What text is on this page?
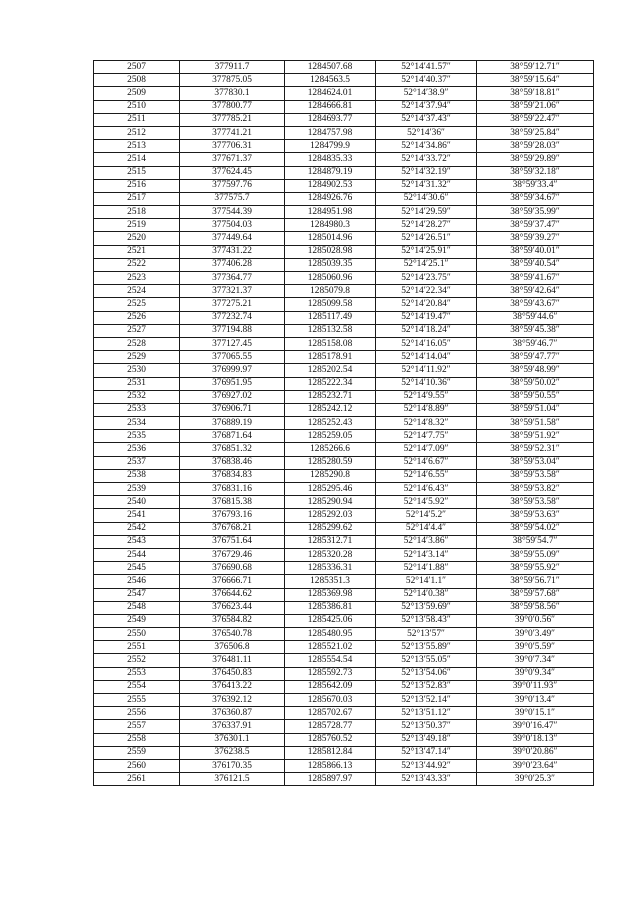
2507	377911.7	1284507.68	52°14′41.57″	38°59′12.71″
2508	377875.05	1284563.5	52°14′40.37″	38°59′15.64″
2509	377830.1	1284624.01	52°14′38.9″	38°59′18.81″
2510	377800.77	1284666.81	52°14′37.94″	38°59′21.06″
2511	377785.21	1284693.77	52°14′37.43″	38°59′22.47″
2512	377741.21	1284757.98	52°14′36″	38°59′25.84″
2513	377706.31	1284799.9	52°14′34.86″	38°59′28.03″
2514	377671.37	1284835.33	52°14′33.72″	38°59′29.89″
2515	377624.45	1284879.19	52°14′32.19″	38°59′32.18″
2516	377597.76	1284902.53	52°14′31.32″	38°59′33.4″
2517	377575.7	1284926.76	52°14′30.6″	38°59′34.67″
2518	377544.39	1284951.98	52°14′29.59″	38°59′35.99″
2519	377504.03	1284980.3	52°14′28.27″	38°59′37.47″
2520	377449.64	1285014.96	52°14′26.51″	38°59′39.27″
2521	377431.22	1285028.98	52°14′25.91″	38°59′40.01″
2522	377406.28	1285039.35	52°14′25.1″	38°59′40.54″
2523	377364.77	1285060.96	52°14′23.75″	38°59′41.67″
2524	377321.37	1285079.8	52°14′22.34″	38°59′42.64″
2525	377275.21	1285099.58	52°14′20.84″	38°59′43.67″
2526	377232.74	1285117.49	52°14′19.47″	38°59′44.6″
2527	377194.88	1285132.58	52°14′18.24″	38°59′45.38″
2528	377127.45	1285158.08	52°14′16.05″	38°59′46.7″
2529	377065.55	1285178.91	52°14′14.04″	38°59′47.77″
2530	376999.97	1285202.54	52°14′11.92″	38°59′48.99″
2531	376951.95	1285222.34	52°14′10.36″	38°59′50.02″
2532	376927.02	1285232.71	52°14′9.55″	38°59′50.55″
2533	376906.71	1285242.12	52°14′8.89″	38°59′51.04″
2534	376889.19	1285252.43	52°14′8.32″	38°59′51.58″
2535	376871.64	1285259.05	52°14′7.75″	38°59′51.92″
2536	376851.32	1285266.6	52°14′7.09″	38°59′52.31″
2537	376838.46	1285280.59	52°14′6.67″	38°59′53.04″
2538	376834.83	1285290.8	52°14′6.55″	38°59′53.58″
2539	376831.16	1285295.46	52°14′6.43″	38°59′53.82″
2540	376815.38	1285290.94	52°14′5.92″	38°59′53.58″
2541	376793.16	1285292.03	52°14′5.2″	38°59′53.63″
2542	376768.21	1285299.62	52°14′4.4″	38°59′54.02″
2543	376751.64	1285312.71	52°14′3.86″	38°59′54.7″
2544	376729.46	1285320.28	52°14′3.14″	38°59′55.09″
2545	376690.68	1285336.31	52°14′1.88″	38°59′55.92″
2546	376666.71	1285351.3	52°14′1.1″	38°59′56.71″
2547	376644.62	1285369.98	52°14′0.38″	38°59′57.68″
2548	376623.44	1285386.81	52°13′59.69″	38°59′58.56″
2549	376584.82	1285425.06	52°13′58.43″	39°0′0.56″
2550	376540.78	1285480.95	52°13′57″	39°0′3.49″
2551	376506.8	1285521.02	52°13′55.89″	39°0′5.59″
2552	376481.11	1285554.54	52°13′55.05″	39°0′7.34″
2553	376450.83	1285592.73	52°13′54.06″	39°0′9.34″
2554	376413.22	1285642.09	52°13′52.83″	39°0′11.93″
2555	376392.12	1285670.03	52°13′52.14″	39°0′13.4″
2556	376360.87	1285702.67	52°13′51.12″	39°0′15.1″
2557	376337.91	1285728.77	52°13′50.37″	39°0′16.47″
2558	376301.1	1285760.52	52°13′49.18″	39°0′18.13″
2559	376238.5	1285812.84	52°13′47.14″	39°0′20.86″
2560	376170.35	1285866.13	52°13′44.92″	39°0′23.64″
2561	376121.5	1285897.97	52°13′43.33″	39°0′25.3″
